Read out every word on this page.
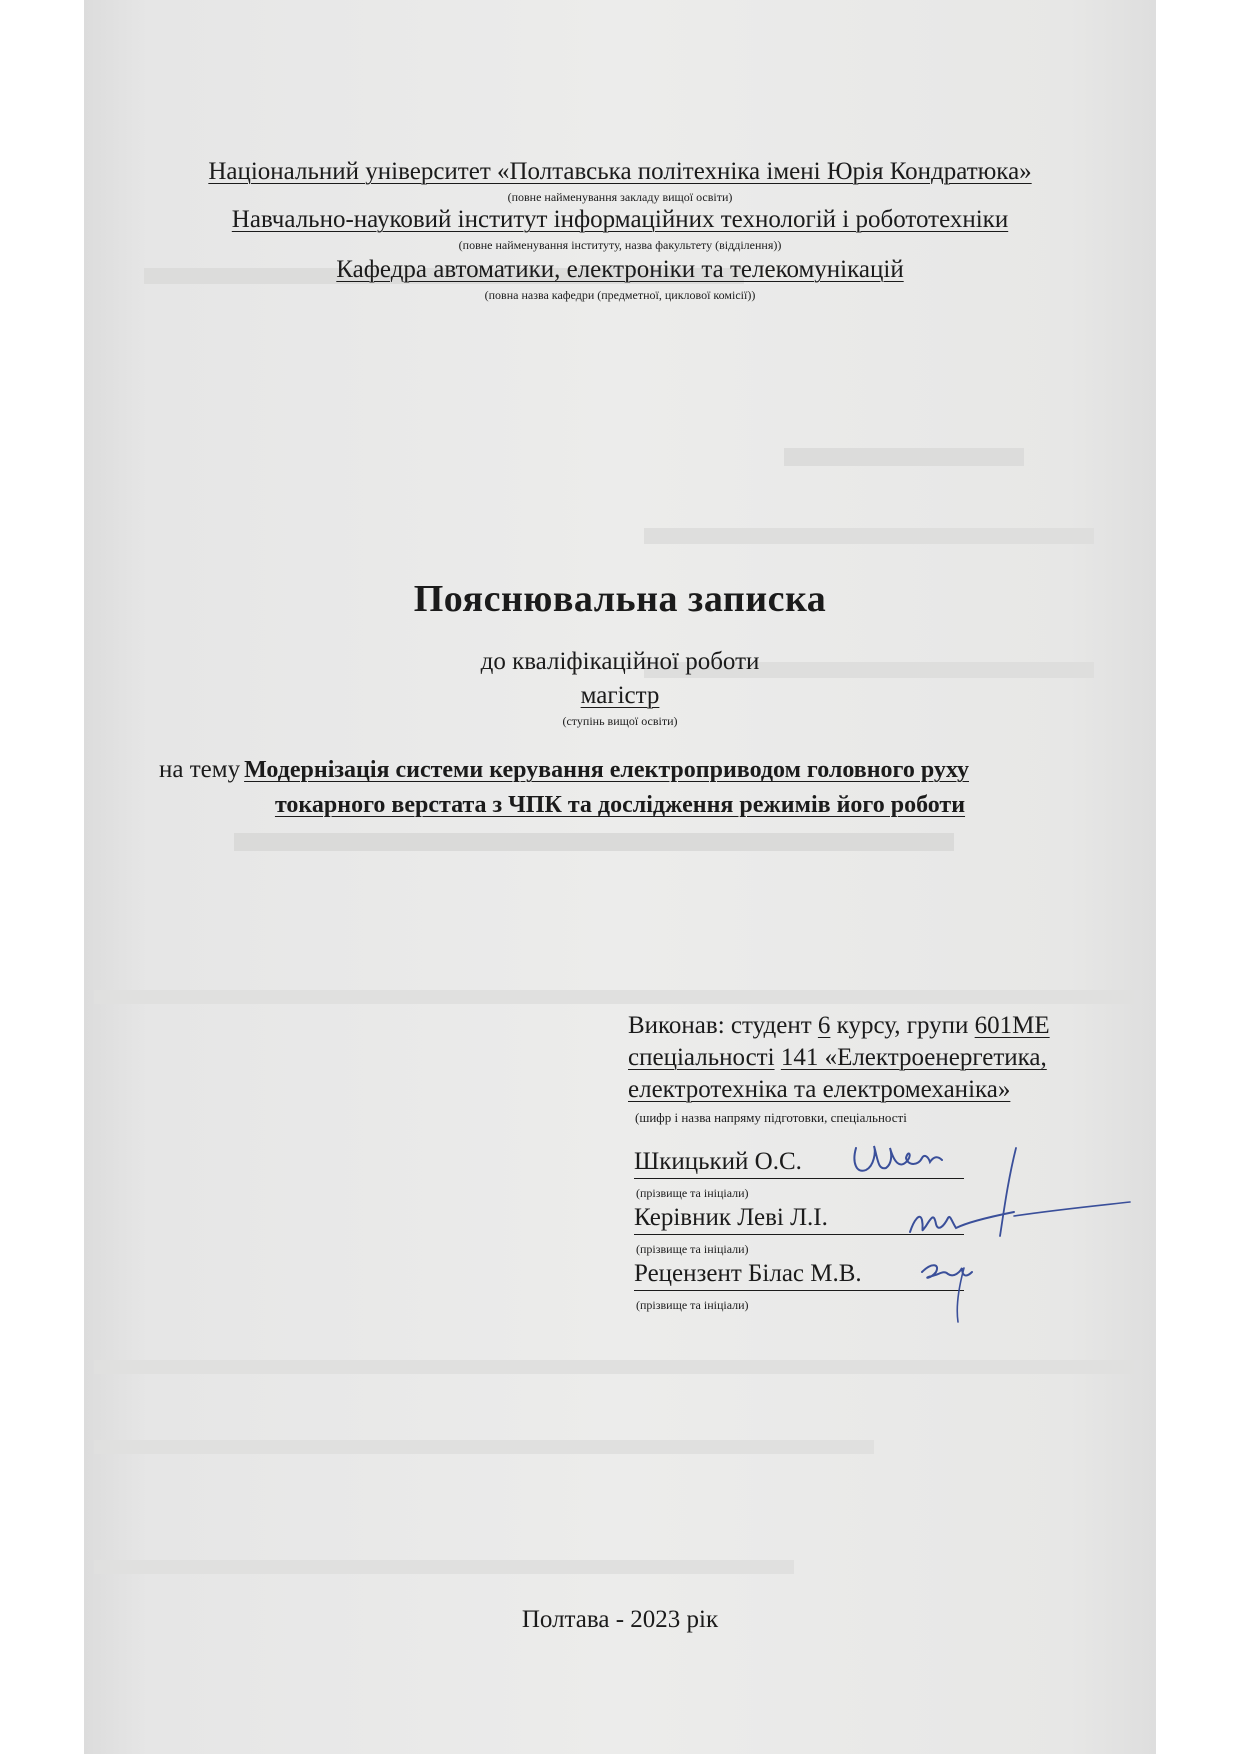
Національний університет «Полтавська політехніка імені Юрія Кондратюка»
(повне найменування закладу вищої освіти)
Навчально-науковий інститут інформаційних технологій і робототехніки
(повне найменування інституту, назва факультету (відділення))
Кафедра автоматики, електроніки та телекомунікацій
(повна назва кафедри (предметної, циклової комісії))
Пояснювальна записка
до кваліфікаційної роботи
магістр
(ступінь вищої освіти)
на тему Модернізація системи керування електроприводом головного руху
токарного верстата з ЧПК та дослідження режимів його роботи
Виконав: студент 6 курсу, групи 601МЕ
спеціальності 141 «Електроенергетика,
електротехніка та електромеханіка»
(шифр і назва напряму підготовки, спеціальності
Шкицький О.С.
(прізвище та ініціали)
Керівник Леві Л.І.
(прізвище та ініціали)
Рецензент Білас М.В.
(прізвище та ініціали)
Полтава - 2023 рік
